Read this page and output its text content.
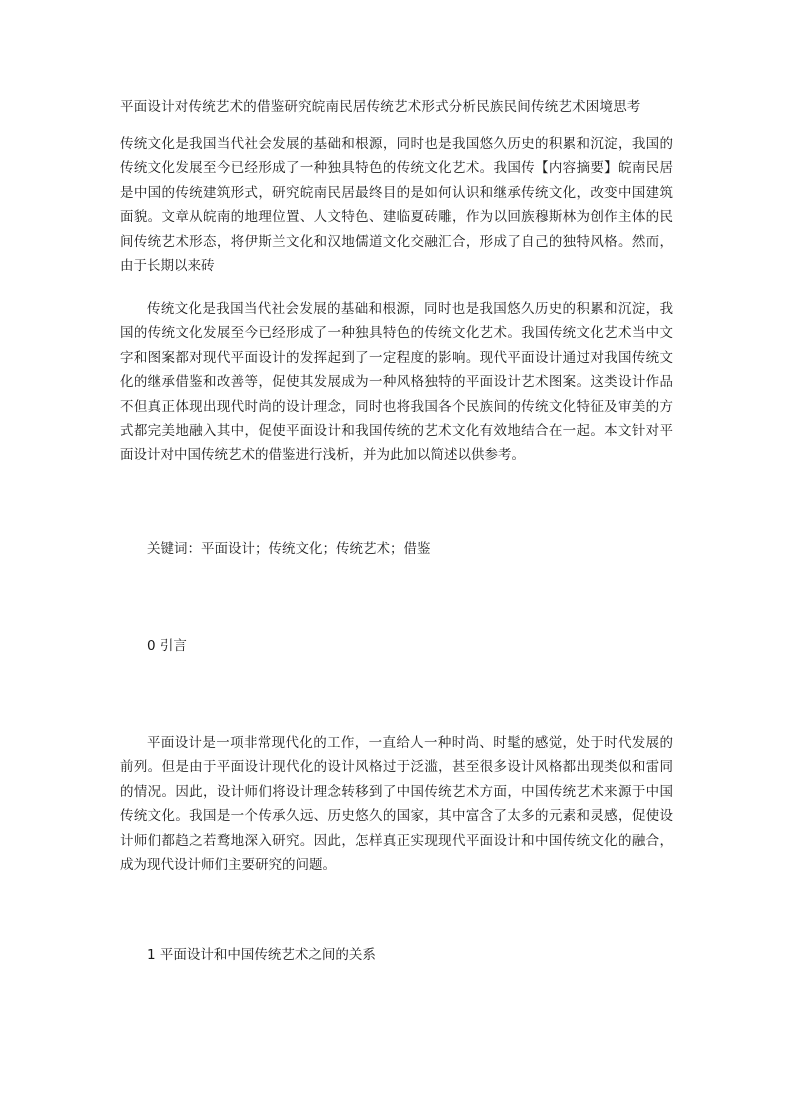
平面设计对传统艺术的借鉴研究皖南民居传统艺术形式分析民族民间传统艺术困境思考

传统文化是我国当代社会发展的基础和根源，同时也是我国悠久历史的积累和沉淀，我国的传统文化发展至今已经形成了一种独具特色的传统文化艺术。我国传【内容摘要】皖南民居是中国的传统建筑形式，研究皖南民居最终目的是如何认识和继承传统文化，改变中国建筑面貌。文章从皖南的地理位置、人文特色、建临夏砖雕，作为以回族穆斯林为创作主体的民间传统艺术形态，将伊斯兰文化和汉地儒道文化交融汇合，形成了自己的独特风格。然而，由于长期以来砖

传统文化是我国当代社会发展的基础和根源，同时也是我国悠久历史的积累和沉淀，我国的传统文化发展至今已经形成了一种独具特色的传统文化艺术。我国传统文化艺术当中文字和图案都对现代平面设计的发挥起到了一定程度的影响。现代平面设计通过对我国传统文化的继承借鉴和改善等，促使其发展成为一种风格独特的平面设计艺术图案。这类设计作品不但真正体现出现代时尚的设计理念，同时也将我国各个民族间的传统文化特征及审美的方式都完美地融入其中，促使平面设计和我国传统的艺术文化有效地结合在一起。本文针对平面设计对中国传统艺术的借鉴进行浅析，并为此加以简述以供参考。

关键词：平面设计；传统文化；传统艺术；借鉴

0 引言

平面设计是一项非常现代化的工作，一直给人一种时尚、时髦的感觉，处于时代发展的前列。但是由于平面设计现代化的设计风格过于泛滥，甚至很多设计风格都出现类似和雷同的情况。因此，设计师们将设计理念转移到了中国传统艺术方面，中国传统艺术来源于中国传统文化。我国是一个传承久远、历史悠久的国家，其中富含了太多的元素和灵感，促使设计师们都趋之若鹜地深入研究。因此，怎样真正实现现代平面设计和中国传统文化的融合，成为现代设计师们主要研究的问题。

1 平面设计和中国传统艺术之间的关系
